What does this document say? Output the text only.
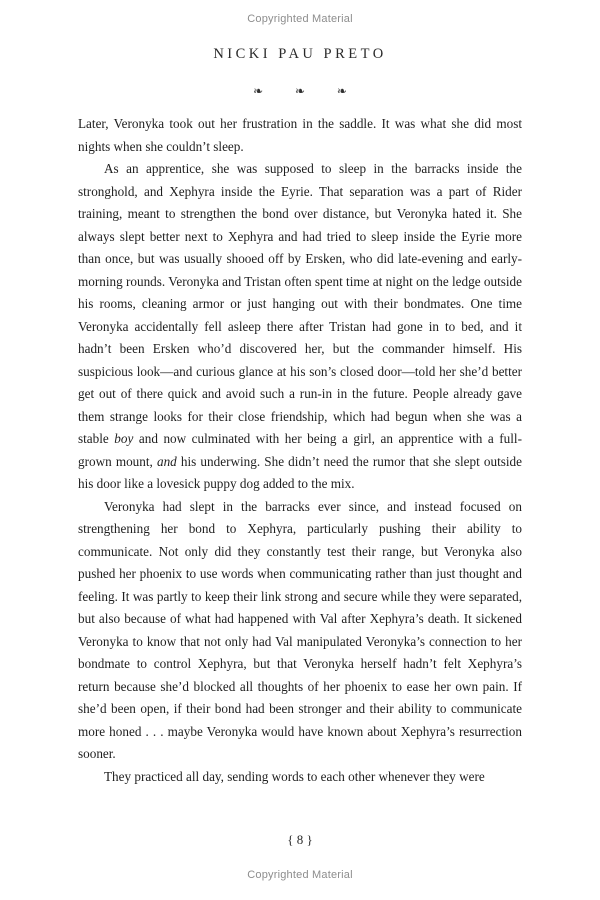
Copyrighted Material
NICKI PAU PRETO
❧ ❧ ❧

Later, Veronyka took out her frustration in the saddle. It was what she did most nights when she couldn’t sleep.

As an apprentice, she was supposed to sleep in the barracks inside the stronghold, and Xephyra inside the Eyrie. That separation was a part of Rider training, meant to strengthen the bond over distance, but Veronyka hated it. She always slept better next to Xephyra and had tried to sleep inside the Eyrie more than once, but was usually shooed off by Ersken, who did late-evening and early-morning rounds. Veronyka and Tristan often spent time at night on the ledge outside his rooms, cleaning armor or just hanging out with their bondmates. One time Veronyka accidentally fell asleep there after Tristan had gone in to bed, and it hadn’t been Ersken who’d discovered her, but the commander himself. His suspicious look—and curious glance at his son’s closed door—told her she’d better get out of there quick and avoid such a run-in in the future. People already gave them strange looks for their close friendship, which had begun when she was a stable boy and now culminated with her being a girl, an apprentice with a full-grown mount, and his underwing. She didn’t need the rumor that she slept outside his door like a lovesick puppy dog added to the mix.

Veronyka had slept in the barracks ever since, and instead focused on strengthening her bond to Xephyra, particularly pushing their ability to communicate. Not only did they constantly test their range, but Veronyka also pushed her phoenix to use words when communicating rather than just thought and feeling. It was partly to keep their link strong and secure while they were separated, but also because of what had happened with Val after Xephyra’s death. It sickened Veronyka to know that not only had Val manipulated Veronyka’s connection to her bondmate to control Xephyra, but that Veronyka herself hadn’t felt Xephyra’s return because she’d blocked all thoughts of her phoenix to ease her own pain. If she’d been open, if their bond had been stronger and their ability to communicate more honed . . . maybe Veronyka would have known about Xephyra’s resurrection sooner.

They practiced all day, sending words to each other whenever they were

{ 8 }
Copyrighted Material
